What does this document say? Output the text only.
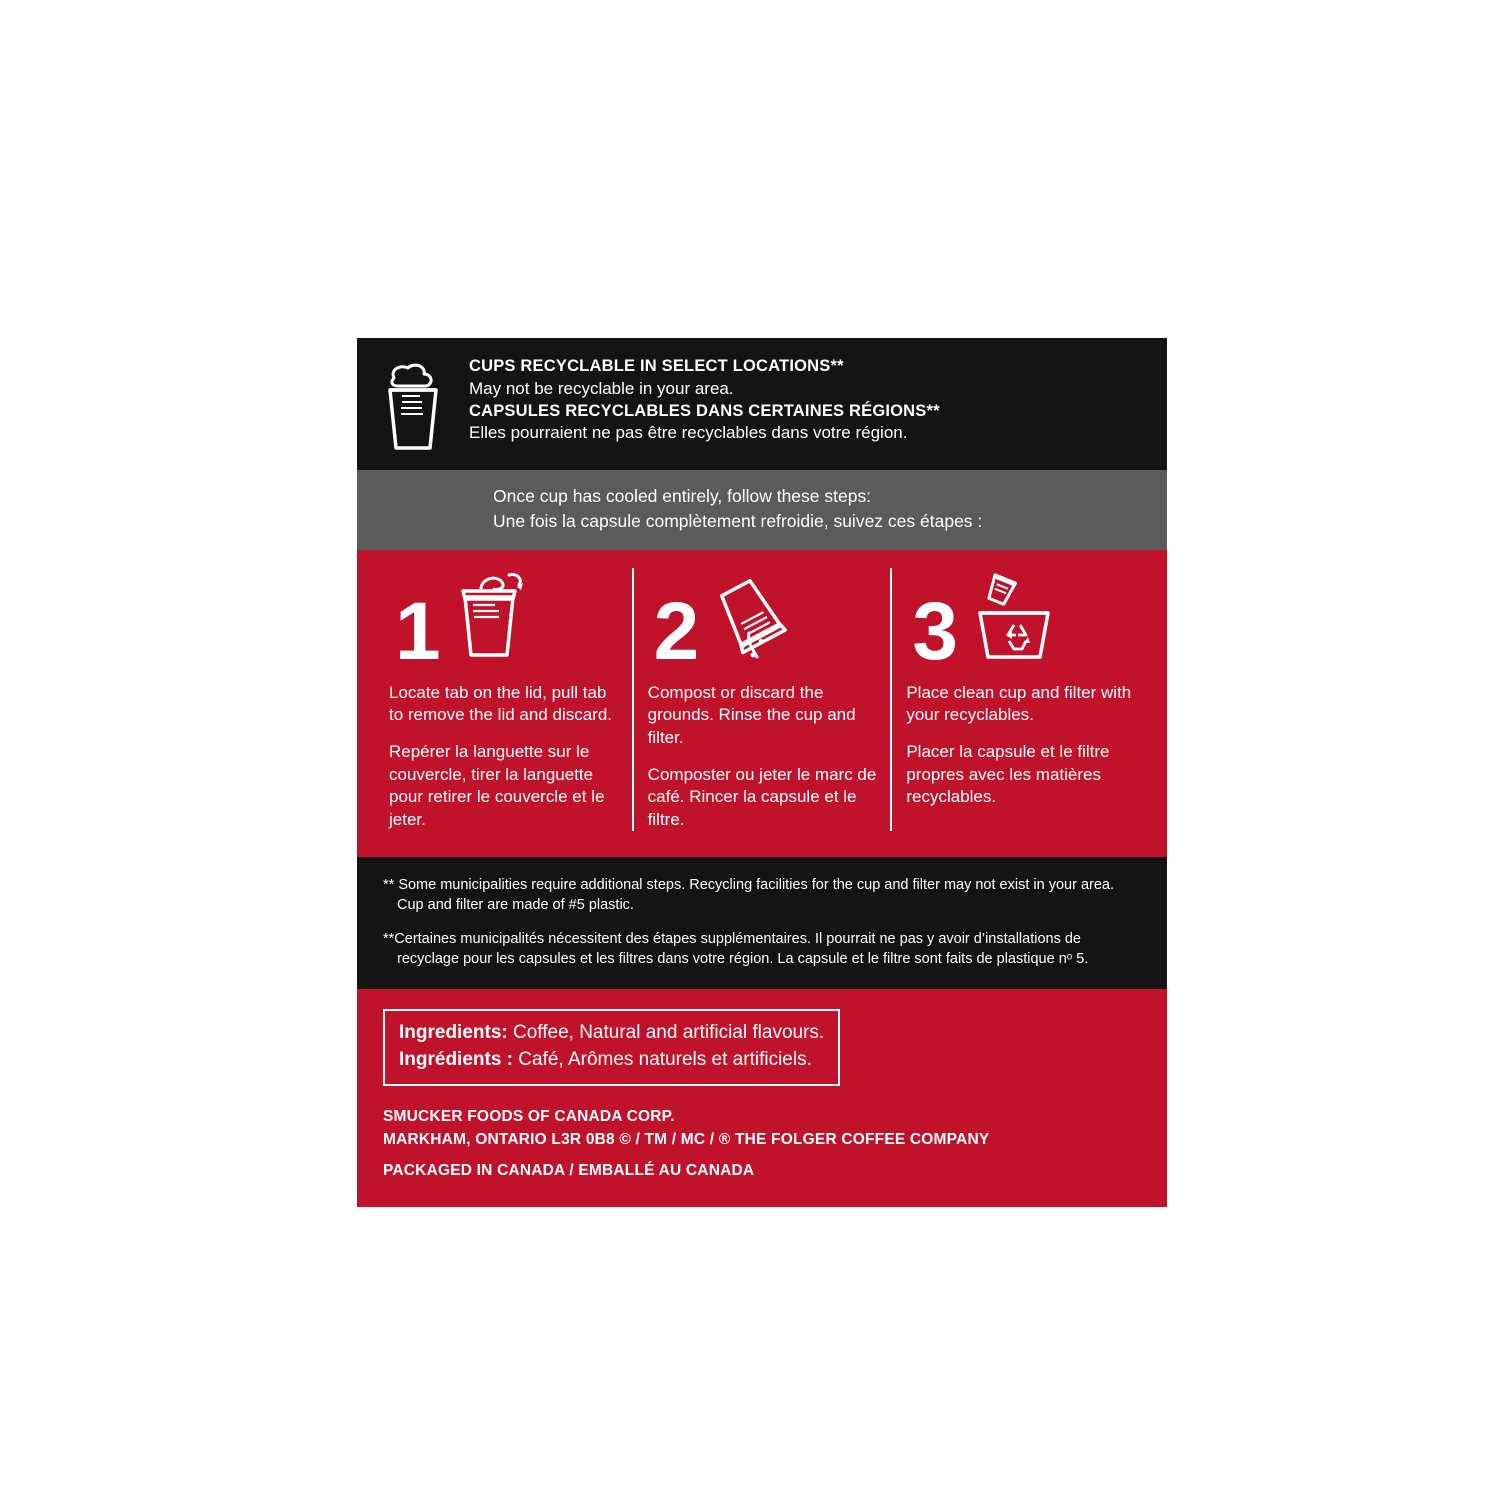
CUPS RECYCLABLE IN SELECT LOCATIONS**
May not be recyclable in your area.
CAPSULES RECYCLABLES DANS CERTAINES RÉGIONS**
Elles pourraient ne pas être recyclables dans votre région.

Once cup has cooled entirely, follow these steps:

Une fois la capsule complètement refroidie, suivez ces étapes :

1

Locate tab on the lid, pull tab to remove the lid and discard.

Repérer la languette sur le couvercle, tirer la languette pour retirer le couvercle et le jeter.

2

Compost or discard the grounds. Rinse the cup and filter.

Composter ou jeter le marc de café. Rincer la capsule et le filtre.

3

Place clean cup and filter with your recyclables.

Placer la capsule et le filtre propres avec les matières recyclables.

** Some municipalities require additional steps. Recycling facilities for the cup and filter may not exist in your area.

Cup and filter are made of #5 plastic.

**Certaines municipalités nécessitent des étapes supplémentaires. Il pourrait ne pas y avoir d’installations de

recyclage pour les capsules et les filtres dans votre région. La capsule et le filtre sont faits de plastique nᵒ 5.

Ingredients: Coffee, Natural and artificial flavours.

Ingrédients : Café, Arômes naturels et artificiels.

SMUCKER FOODS OF CANADA CORP.

MARKHAM, ONTARIO L3R 0B8 © / TM / MC / ® THE FOLGER COFFEE COMPANY

PACKAGED IN CANADA / EMBALLÉ AU CANADA
